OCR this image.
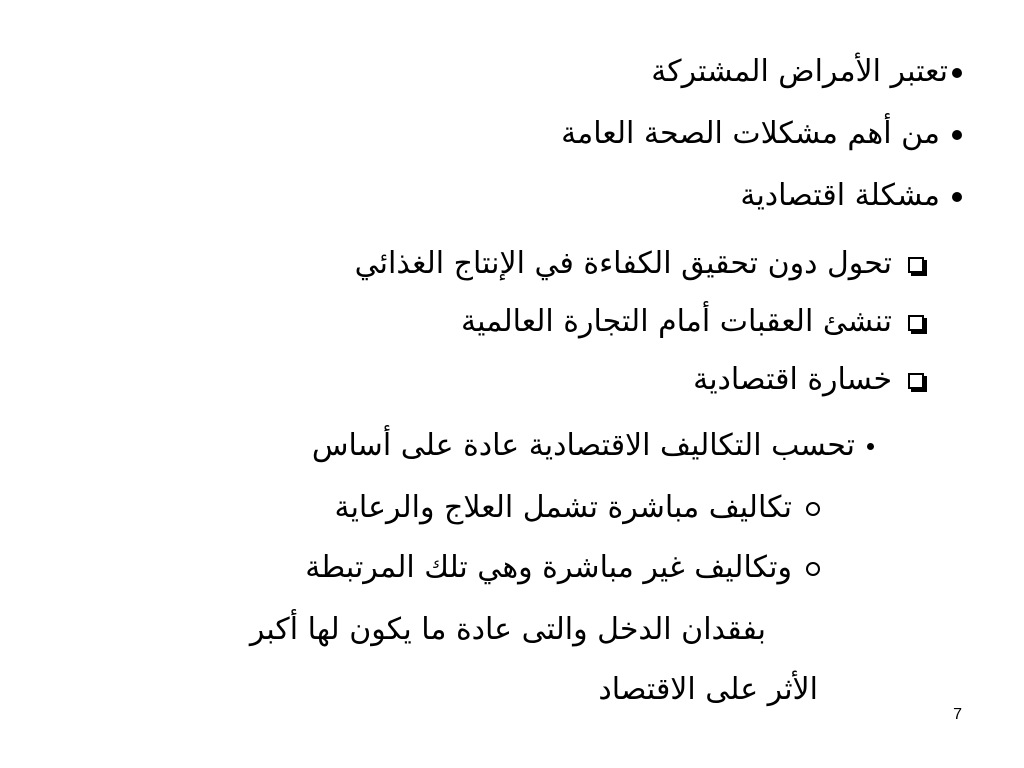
تعتبر الأمراض المشتركة
من أهم مشكلات الصحة العامة
مشكلة اقتصادية
تحول دون تحقيق الكفاءة في الإنتاج الغذائي
تنشئ العقبات أمام التجارة العالمية
خسارة اقتصادية
تحسب التكاليف الاقتصادية عادة على أساس
تكاليف مباشرة تشمل العلاج والرعاية
وتكاليف غير مباشرة وهي تلك المرتبطة
بفقدان الدخل والتى عادة ما يكون لها أكبر
الأثر على الاقتصاد
7
